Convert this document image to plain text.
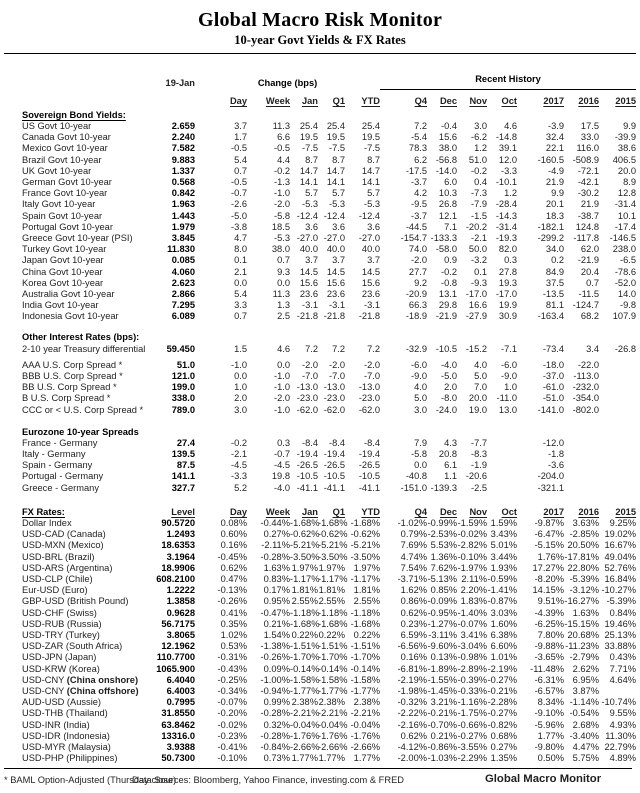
Global Macro Risk Monitor
10-year Govt Yields & FX Rates
	19-Jan	Change (bps)					Recent History						
		Day	Week	Jan	Q1	YTD	Q4	Dec	Nov	Oct	2017	2016	2015
Sovereign Bond Yields:													
US Govt 10-year	2.659	3.7	11.3	25.4	25.4	25.4	7.2	-0.4	3.0	4.6	-3.9	17.5	9.9
Canada Govt 10-year	2.240	1.7	6.6	19.5	19.5	19.5	-5.4	15.6	-6.2	-14.8	32.4	33.0	-39.9
Mexico Govt 10-year	7.582	-0.5	-0.5	-7.5	-7.5	-7.5	78.3	38.0	1.2	39.1	22.1	116.0	38.6
Brazil Govt 10-year	9.883	5.4	4.4	8.7	8.7	8.7	6.2	-56.8	51.0	12.0	-160.5	-508.9	406.5
UK Govt 10-year	1.337	0.7	-0.2	14.7	14.7	14.7	-17.5	-14.0	-0.2	-3.3	-4.9	-72.1	20.0
German Govt 10-year	0.568	-0.5	-1.3	14.1	14.1	14.1	-3.7	6.0	0.4	-10.1	21.9	-42.1	8.9
France Govt 10-year	0.842	-0.7	-1.0	5.7	5.7	5.7	4.2	10.3	-7.3	1.2	9.9	-30.2	12.8
Italy Govt 10-year	1.963	-2.6	-2.0	-5.3	-5.3	-5.3	-9.5	26.8	-7.9	-28.4	20.1	21.9	-31.4
Spain Govt 10-year	1.443	-5.0	-5.8	-12.4	-12.4	-12.4	-3.7	12.1	-1.5	-14.3	18.3	-38.7	10.1
Portugal Govt 10-year	1.979	-3.8	18.5	3.6	3.6	3.6	-44.5	7.1	-20.2	-31.4	-182.1	124.8	-17.4
Greece Govt 10-year (PSI)	3.845	4.7	-5.3	-27.0	-27.0	-27.0	-154.7	-133.3	-2.1	-19.3	-299.2	-117.8	-146.5
Turkey Govt 10-year	11.830	8.0	38.0	40.0	40.0	40.0	74.0	-58.0	50.0	82.0	34.0	62.0	238.0
Japan Govt 10-year	0.085	0.1	0.7	3.7	3.7	3.7	-2.0	0.9	-3.2	0.3	0.2	-21.9	-6.5
China Govt 10-year	4.060	2.1	9.3	14.5	14.5	14.5	27.7	-0.2	0.1	27.8	84.9	20.4	-78.6
Korea Govt 10-year	2.623	0.0	0.0	15.6	15.6	15.6	9.2	-0.8	-9.3	19.3	37.5	0.7	-52.0
Australia Govt 10-year	2.866	5.4	11.3	23.6	23.6	23.6	-20.9	13.1	-17.0	-17.0	-13.5	-11.5	14.0
India Govt 10-year	7.295	3.3	1.3	-3.1	-3.1	-3.1	66.3	29.8	16.6	19.9	81.1	-124.7	-9.8
Indonesia Govt 10-year	6.089	0.7	2.5	-21.8	-21.8	-21.8	-18.9	-21.9	-27.9	30.9	-163.4	68.2	107.9

Other Interest Rates (bps):													
2-10 year Treasury differential	59.450	1.5	4.6	7.2	7.2	7.2	-32.9	-10.5	-15.2	-7.1	-73.4	3.4	-26.8

AAA U.S. Corp Spread *	51.0	-1.0	0.0	-2.0	-2.0	-2.0	-6.0	-4.0	4.0	-6.0	-18.0	-22.0	
BBB U.S. Corp Spread *	121.0	0.0	-1.0	-7.0	-7.0	-7.0	-9.0	-5.0	5.0	-9.0	-37.0	-113.0	
BB U.S. Corp Spread *	199.0	1.0	-1.0	-13.0	-13.0	-13.0	4.0	2.0	7.0	1.0	-61.0	-232.0	
B U.S. Corp Spread *	338.0	2.0	-2.0	-23.0	-23.0	-23.0	5.0	-8.0	20.0	-11.0	-51.0	-354.0	
CCC or < U.S. Corp Spread *	789.0	3.0	-1.0	-62.0	-62.0	-62.0	3.0	-24.0	19.0	13.0	-141.0	-802.0	

Eurozone 10-year Spreads													
France - Germany	27.4	-0.2	0.3	-8.4	-8.4	-8.4	7.9	4.3	-7.7		-12.0		
Italy - Germany	139.5	-2.1	-0.7	-19.4	-19.4	-19.4	-5.8	20.8	-8.3		-1.8		
Spain - Germany	87.5	-4.5	-4.5	-26.5	-26.5	-26.5	0.0	6.1	-1.9		-3.6		
Portugal - Germany	141.1	-3.3	19.8	-10.5	-10.5	-10.5	-40.8	1.1	-20.6		-204.0		
Greece - Germany	327.7	5.2	-4.0	-41.1	-41.1	-41.1	-151.0	-139.3	-2.5		-321.1		

FX Rates:	Level	Day	Week	Jan	Q1	YTD	Q4	Dec	Nov	Oct	2017	2016	2015
Dollar Index	90.5720	0.08%	-0.44%	-1.68%	-1.68%	-1.68%	-1.02%	-0.99%	-1.59%	1.59%	-9.87%	3.63%	9.25%
USD-CAD (Canada)	1.2493	0.60%	0.27%	-0.62%	-0.62%	-0.62%	0.79%	-2.53%	-0.02%	3.43%	-6.47%	-2.85%	19.02%
USD-MXN (Mexico)	18.6353	0.16%	-2.11%	-5.21%	-5.21%	-5.21%	7.69%	5.53%	-2.82%	5.01%	-5.15%	20.50%	16.67%
USD-BRL (Brazil)	3.1964	-0.45%	-0.28%	-3.50%	-3.50%	-3.50%	4.74%	1.36%	-0.10%	3.44%	1.76%	-17.81%	49.04%
USD-ARS (Argentina)	18.9906	0.62%	1.63%	1.97%	1.97%	1.97%	7.54%	7.62%	-1.97%	1.93%	17.27%	22.80%	52.76%
USD-CLP (Chile)	608.2100	0.47%	0.83%	-1.17%	-1.17%	-1.17%	-3.71%	-5.13%	2.11%	-0.59%	-8.20%	-5.39%	16.84%
Eur-USD (Euro)	1.2222	-0.13%	0.17%	1.81%	1.81%	1.81%	1.62%	0.85%	2.20%	-1.41%	14.15%	-3.12%	-10.27%
GBP-USD (British Pound)	1.3858	-0.26%	0.95%	2.55%	2.55%	2.55%	0.86%	-0.09%	1.83%	-0.87%	9.51%	-16.27%	-5.39%
USD-CHF (Swiss)	0.9628	0.41%	-0.47%	-1.18%	-1.18%	-1.18%	0.62%	-0.95%	-1.40%	3.03%	-4.39%	1.63%	0.84%
USD-RUB (Russia)	56.7175	0.35%	0.21%	-1.68%	-1.68%	-1.68%	0.23%	-1.27%	-0.07%	1.60%	-6.25%	-15.15%	19.46%
USD-TRY (Turkey)	3.8065	1.02%	1.54%	0.22%	0.22%	0.22%	6.59%	-3.11%	3.41%	6.38%	7.80%	20.68%	25.13%
USD-ZAR (South Africa)	12.1962	0.53%	-1.38%	-1.51%	-1.51%	-1.51%	-6.56%	-9.60%	-3.04%	6.60%	-9.88%	-11.23%	33.88%
USD-JPN (Japan)	110.7700	-0.31%	-0.26%	-1.70%	-1.70%	-1.70%	0.16%	0.13%	-0.98%	1.01%	-3.65%	-2.79%	0.43%
USD-KRW (Korea)	1065.900	-0.43%	0.09%	-0.14%	-0.14%	-0.14%	-6.81%	-1.89%	-2.89%	-2.19%	-11.48%	2.62%	7.71%
USD-CNY (China onshore)	6.4040	-0.25%	-1.00%	-1.58%	-1.58%	-1.58%	-2.19%	-1.55%	-0.39%	-0.27%	-6.31%	6.95%	4.64%
USD-CNY (China offshore)	6.4003	-0.34%	-0.94%	-1.77%	-1.77%	-1.77%	-1.98%	-1.45%	-0.33%	-0.21%	-6.57%	3.87%	
AUD-USD (Aussie)	0.7995	-0.07%	0.99%	2.38%	2.38%	2.38%	-0.32%	3.21%	-1.16%	-2.28%	8.34%	-1.14%	-10.74%
USD-THB (Thailand)	31.8550	-0.20%	-0.28%	-2.21%	-2.21%	-2.21%	-2.22%	-0.21%	-1.75%	-0.27%	-9.10%	-0.54%	9.55%
USD-INR (India)	63.8462	-0.02%	0.32%	-0.04%	-0.04%	-0.04%	-2.16%	-0.70%	-0.66%	-0.82%	-5.96%	2.68%	4.93%
USD-IDR (Indonesia)	13316.0	-0.23%	-0.28%	-1.76%	-1.76%	-1.76%	0.62%	0.21%	-0.27%	0.68%	1.77%	-3.40%	11.30%
USD-MYR (Malaysia)	3.9388	-0.41%	-0.84%	-2.66%	-2.66%	-2.66%	-4.12%	-0.86%	-3.55%	0.27%	-9.80%	4.47%	22.79%
USD-PHP (Philippines)	50.7300	-0.10%	0.73%	1.77%	1.77%	1.77%	-2.00%	-1.03%	-2.29%	1.35%	0.50%	5.75%	4.89%
* BAML Option-Adjusted (Thursday close)
Data Sources: Bloomberg, Yahoo Finance, investing.com & FRED	Global Macro Monitor
